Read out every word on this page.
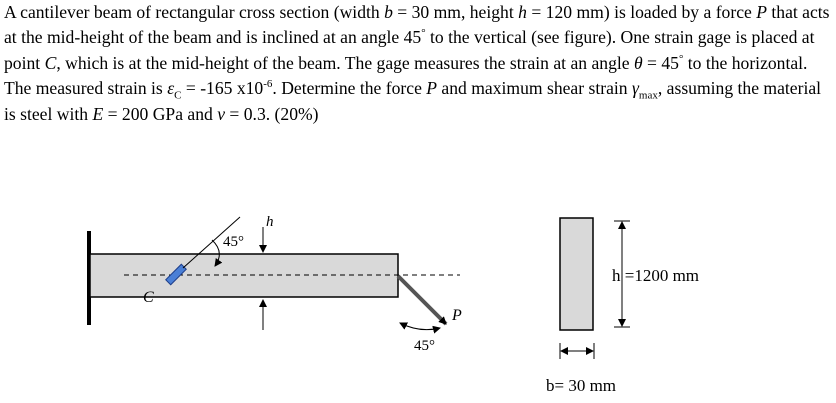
A cantilever beam of rectangular cross section (width b = 30 mm, height h = 120 mm) is loaded by a force P that acts at the mid-height of the beam and is inclined at an angle 45° to the vertical (see figure). One strain gage is placed at point C, which is at the mid-height of the beam. The gage measures the strain at an angle θ = 45° to the horizontal. The measured strain is $\varepsilon_C = -165$ $x10^{-6}$. Determine the force P and maximum shear strain $\gamma_{max}$, assuming the material is steel with E = 200 GPa and ν = 0.3. (20%)

45°
h
C
P
45°
h =1200 mm
b= 30 mm
